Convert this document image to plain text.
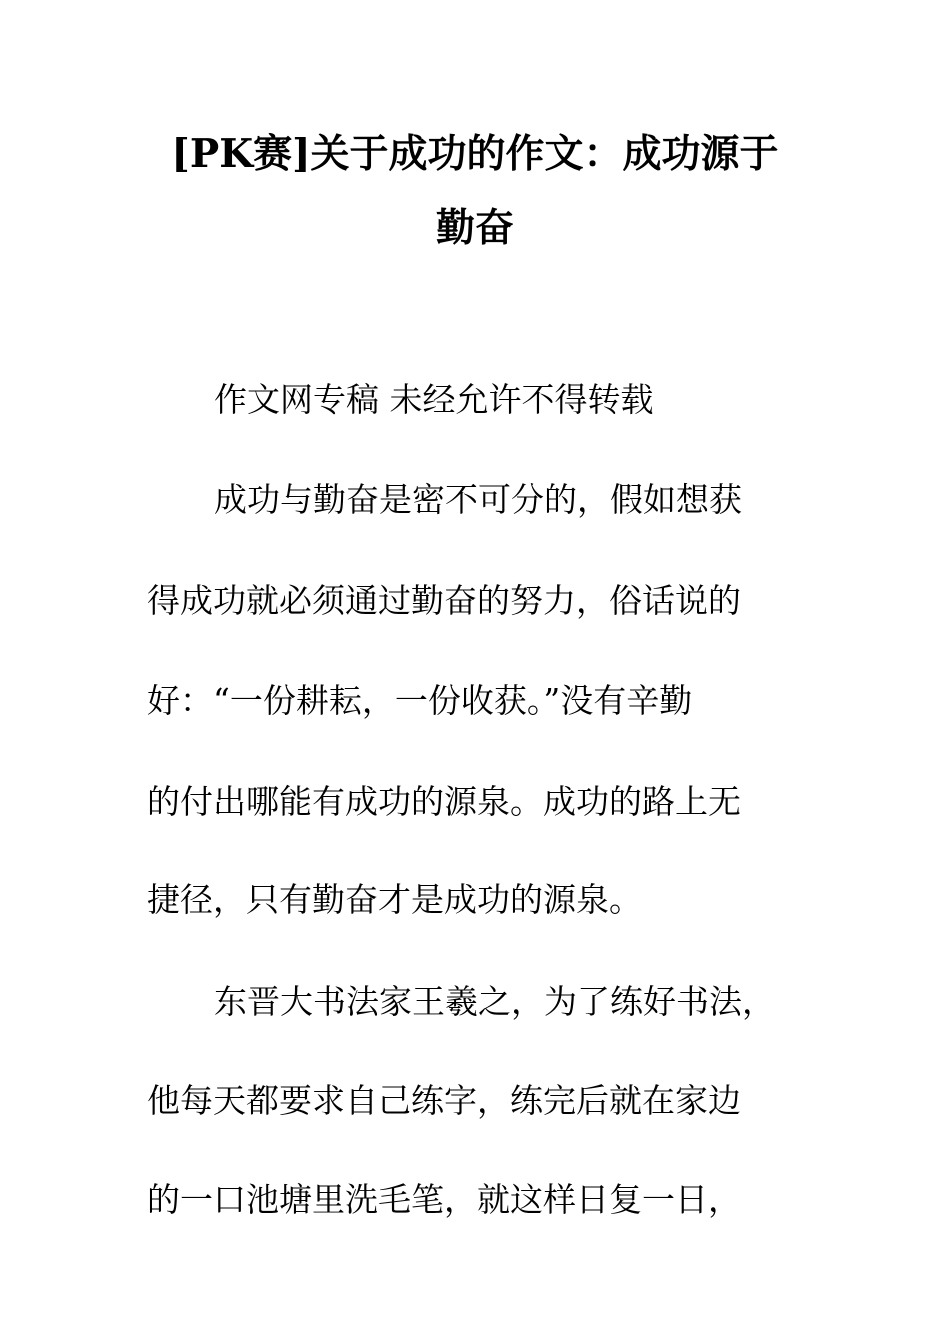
[PK赛]关于成功的作文：成功源于
勤奋
作文网专稿 未经允许不得转载
成功与勤奋是密不可分的，假如想获
得成功就必须通过勤奋的努力，俗话说的
好：“一份耕耘，一份收获。”没有辛勤
的付出哪能有成功的源泉。成功的路上无
捷径，只有勤奋才是成功的源泉。
东晋大书法家王羲之，为了练好书法，
他每天都要求自己练字，练完后就在家边
的一口池塘里洗毛笔，就这样日复一日，
